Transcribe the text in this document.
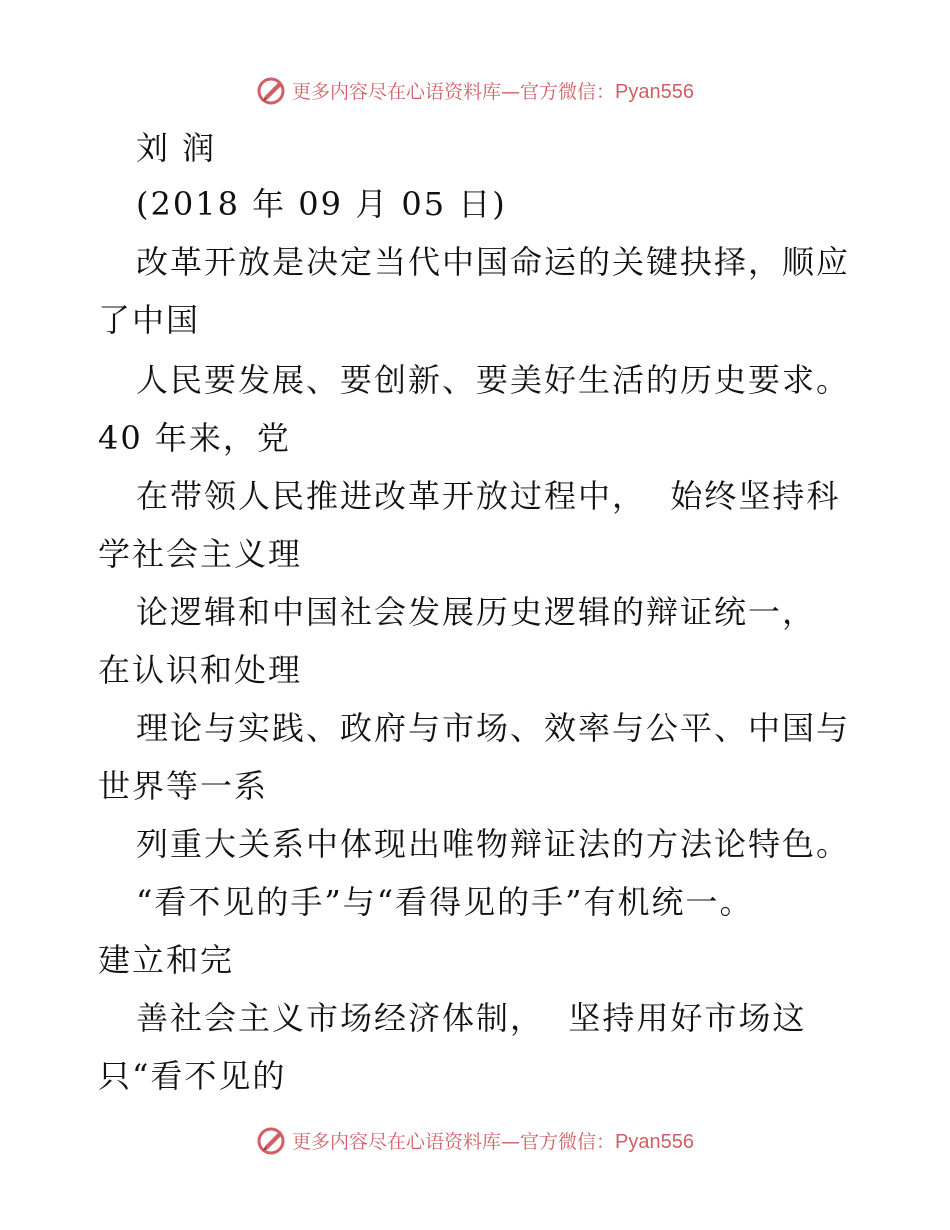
更多内容尽在心语资料库—官方微信：Pyan556
刘 润
(2018 年 09 月 05 日)
改革开放是决定当代中国命运的关键抉择，顺应
了中国
人民要发展、要创新、要美好生活的历史要求。
40 年来，党
在带领人民推进改革开放过程中，  始终坚持科
学社会主义理
论逻辑和中国社会发展历史逻辑的辩证统一，
在认识和处理
理论与实践、政府与市场、效率与公平、中国与
世界等一系
列重大关系中体现出唯物辩证法的方法论特色。
“看不见的手”与“看得见的手”有机统一。
建立和完
善社会主义市场经济体制，  坚持用好市场这
只“看不见的
更多内容尽在心语资料库—官方微信：Pyan556
